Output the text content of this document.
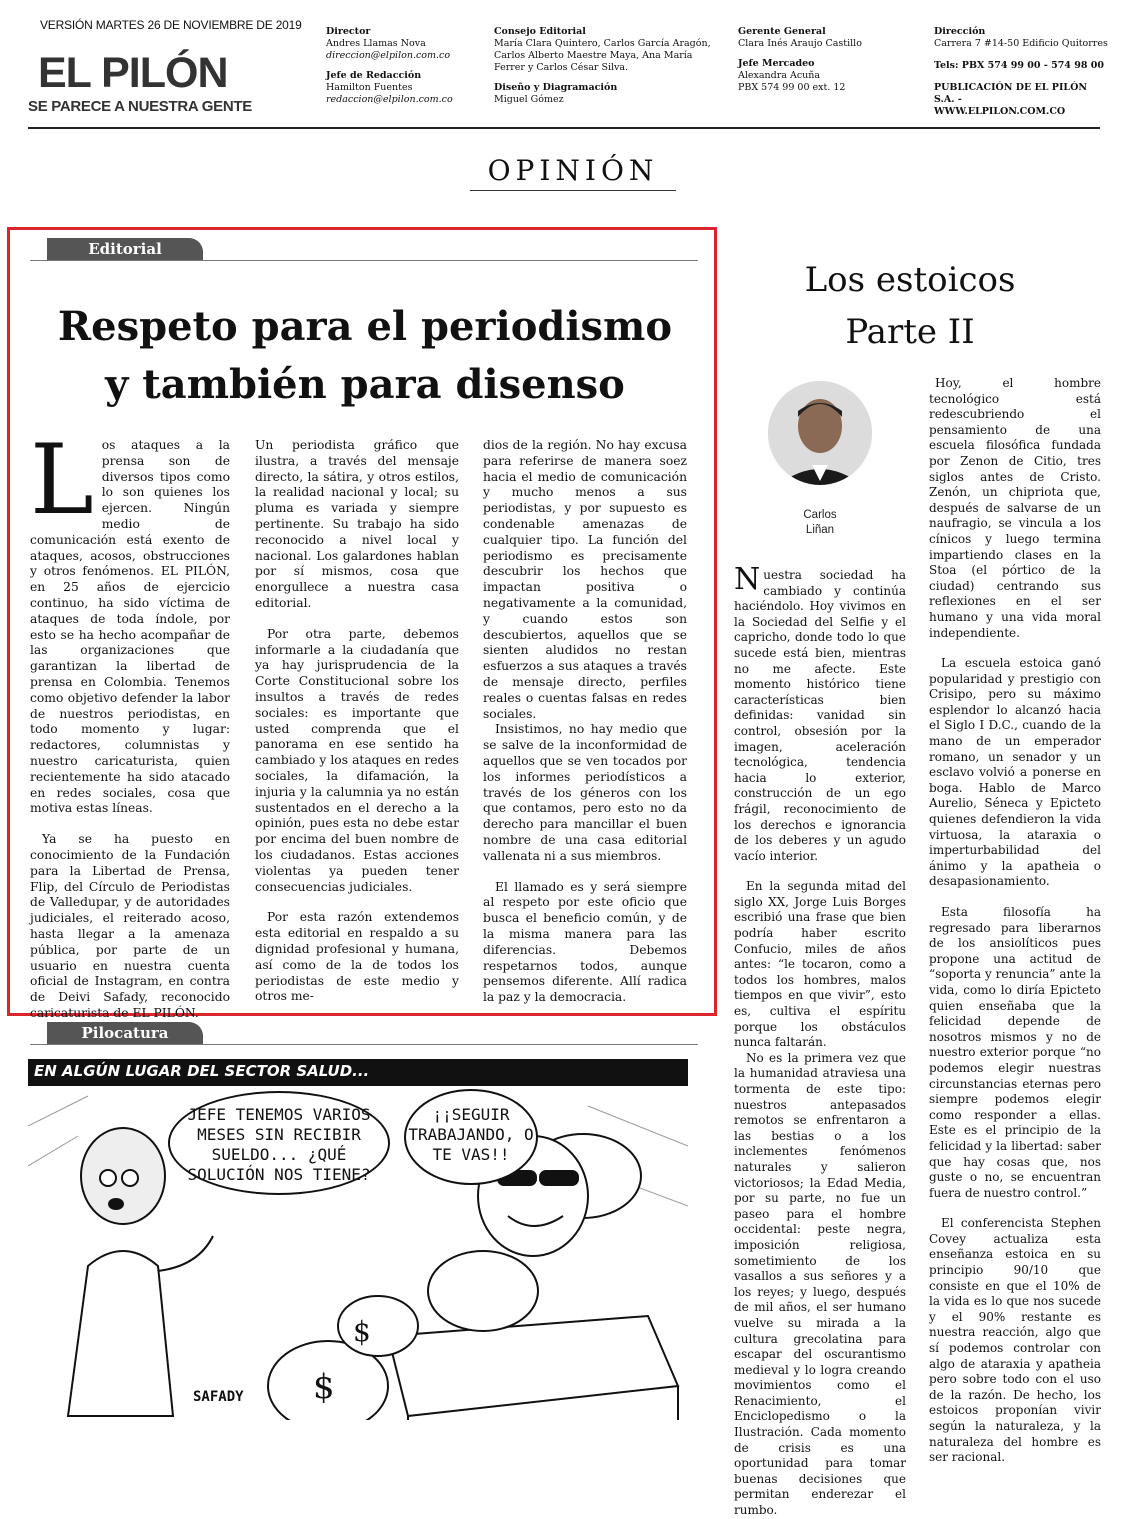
VERSIÓN MARTES 26 DE NOVIEMBRE DE 2019
EL PILÓN
SE PARECE A NUESTRA GENTE
Director
Andres Llamas Nova
direccion@elpilon.com.co
Jefe de Redacción
Hamilton Fuentes
redaccion@elpilon.com.co
Consejo Editorial
María Clara Quintero, Carlos García Aragón,
Carlos Alberto Maestre Maya, Ana María
Ferrer y Carlos César Silva.
Diseño y Diagramación
Miguel Gómez
Gerente General
Clara Inés Araujo Castillo
Jefe Mercadeo
Alexandra Acuña
PBX 574 99 00 ext. 12
Dirección
Carrera 7 #14-50 Edificio Quitorres
Tels: PBX 574 99 00 - 574 98 00
PUBLICACIÓN DE EL PILÓN S.A. -
WWW.ELPILON.COM.CO
OPINIÓN
Editorial
Respeto para el periodismo
y también para disenso

Los ataques a la prensa son de diversos tipos como lo son quienes los ejercen. Ningún medio de comunicación está exento de ataques, acosos, obstrucciones y otros fenómenos. EL PILÓN, en 25 años de ejercicio continuo, ha sido víctima de ataques de toda índole, por esto se ha hecho acompañar de las organizaciones que garantizan la libertad de prensa en Colombia. Tenemos como objetivo defender la labor de nuestros periodistas, en todo momento y lugar: redactores, columnistas y nuestro caricaturista, quien recientemente ha sido atacado en redes sociales, cosa que motiva estas líneas.

Ya se ha puesto en conocimiento de la Fundación para la Libertad de Prensa, Flip, del Círculo de Periodistas de Valledupar, y de autoridades judiciales, el reiterado acoso, hasta llegar a la amenaza pública, por parte de un usuario en nuestra cuenta oficial de Instagram, en contra de Deivi Safady, reconocido caricaturista de EL PILÓN.

Un periodista gráfico que ilustra, a través del mensaje directo, la sátira, y otros estilos, la realidad nacional y local; su pluma es variada y siempre pertinente. Su trabajo ha sido reconocido a nivel local y nacional. Los galardones hablan por sí mismos, cosa que enorgullece a nuestra casa editorial.

Por otra parte, debemos informarle a la ciudadanía que ya hay jurisprudencia de la Corte Constitucional sobre los insultos a través de redes sociales: es importante que usted comprenda que el panorama en ese sentido ha cambiado y los ataques en redes sociales, la difamación, la injuria y la calumnia ya no están sustentados en el derecho a la opinión, pues esta no debe estar por encima del buen nombre de los ciudadanos. Estas acciones violentas ya pueden tener consecuencias judiciales.

Por esta razón extendemos esta editorial en respaldo a su dignidad profesional y humana, así como de la de todos los periodistas de este medio y otros me-

dios de la región. No hay excusa para referirse de manera soez hacia el medio de comunicación y mucho menos a sus periodistas, y por supuesto es condenable amenazas de cualquier tipo. La función del periodismo es precisamente descubrir los hechos que impactan positiva o negativamente a la comunidad, y cuando estos son descubiertos, aquellos que se sienten aludidos no restan esfuerzos a sus ataques a través de mensaje directo, perfiles reales o cuentas falsas en redes sociales.

Insistimos, no hay medio que se salve de la inconformidad de aquellos que se ven tocados por los informes periodísticos a través de los géneros con los que contamos, pero esto no da derecho para mancillar el buen nombre de una casa editorial vallenata ni a sus miembros.

El llamado es y será siempre al respeto por este oficio que busca el beneficio común, y de la misma manera para las diferencias. Debemos respetarnos todos, aunque pensemos diferente. Allí radica la paz y la democracia.

Pilocatura
EN ALGÚN LUGAR DEL SECTOR SALUD...
$
$
JEFE TENEMOS VARIOS MESES SIN RECIBIR SUELDO... ¿QUÉ SOLUCIÓN NOS TIENE?
¡¡SEGUIR TRABAJANDO, O TE VAS!!
SAFADY
Los estoicos
Parte II
Carlos
Liñan

Nuestra sociedad ha cambiado y continúa haciéndolo. Hoy vivimos en la Sociedad del Selfie y el capricho, donde todo lo que sucede está bien, mientras no me afecte. Este momento histórico tiene características bien definidas: vanidad sin control, obsesión por la imagen, aceleración tecnológica, tendencia hacia lo exterior, construcción de un ego frágil, reconocimiento de los derechos e ignorancia de los deberes y un agudo vacío interior.

En la segunda mitad del siglo XX, Jorge Luis Borges escribió una frase que bien podría haber escrito Confucio, miles de años antes: “le tocaron, como a todos los hombres, malos tiempos en que vivir”, esto es, cultiva el espíritu porque los obstáculos nunca faltarán.

No es la primera vez que la humanidad atraviesa una tormenta de este tipo: nuestros antepasados remotos se enfrentaron a las bestias o a los inclementes fenómenos naturales y salieron victoriosos; la Edad Media, por su parte, no fue un paseo para el hombre occidental: peste negra, imposición religiosa, sometimiento de los vasallos a sus señores y a los reyes; y luego, después de mil años, el ser humano vuelve su mirada a la cultura grecolatina para escapar del oscurantismo medieval y lo logra creando movimientos como el Renacimiento, el Enciclopedismo o la Ilustración. Cada momento de crisis es una oportunidad para tomar buenas decisiones que permitan enderezar el rumbo.

Hoy, el hombre tecnológico está redescubriendo el pensamiento de una escuela filosófica fundada por Zenon de Citio, tres siglos antes de Cristo. Zenón, un chipriota que, después de salvarse de un naufragio, se vincula a los cínicos y luego termina impartiendo clases en la Stoa (el pórtico de la ciudad) centrando sus reflexiones en el ser humano y una vida moral independiente.

La escuela estoica ganó popularidad y prestigio con Crisipo, pero su máximo esplendor lo alcanzó hacia el Siglo I D.C., cuando de la mano de un emperador romano, un senador y un esclavo volvió a ponerse en boga. Hablo de Marco Aurelio, Séneca y Epicteto quienes defendieron la vida virtuosa, la ataraxia o imperturbabilidad del ánimo y la apatheia o desapasionamiento.

Esta filosofía ha regresado para liberarnos de los ansiolíticos pues propone una actitud de “soporta y renuncia” ante la vida, como lo diría Epicteto quien enseñaba que la felicidad depende de nosotros mismos y no de nuestro exterior porque “no podemos elegir nuestras circunstancias eternas pero siempre podemos elegir como responder a ellas. Este es el principio de la felicidad y la libertad: saber que hay cosas que, nos guste o no, se encuentran fuera de nuestro control.”

El conferencista Stephen Covey actualiza esta enseñanza estoica en su principio 90/10 que consiste en que el 10% de la vida es lo que nos sucede y el 90% restante es nuestra reacción, algo que sí podemos controlar con algo de ataraxia y apatheia pero sobre todo con el uso de la razón. De hecho, los estoicos proponían vivir según la naturaleza, y la naturaleza del hombre es ser racional.
